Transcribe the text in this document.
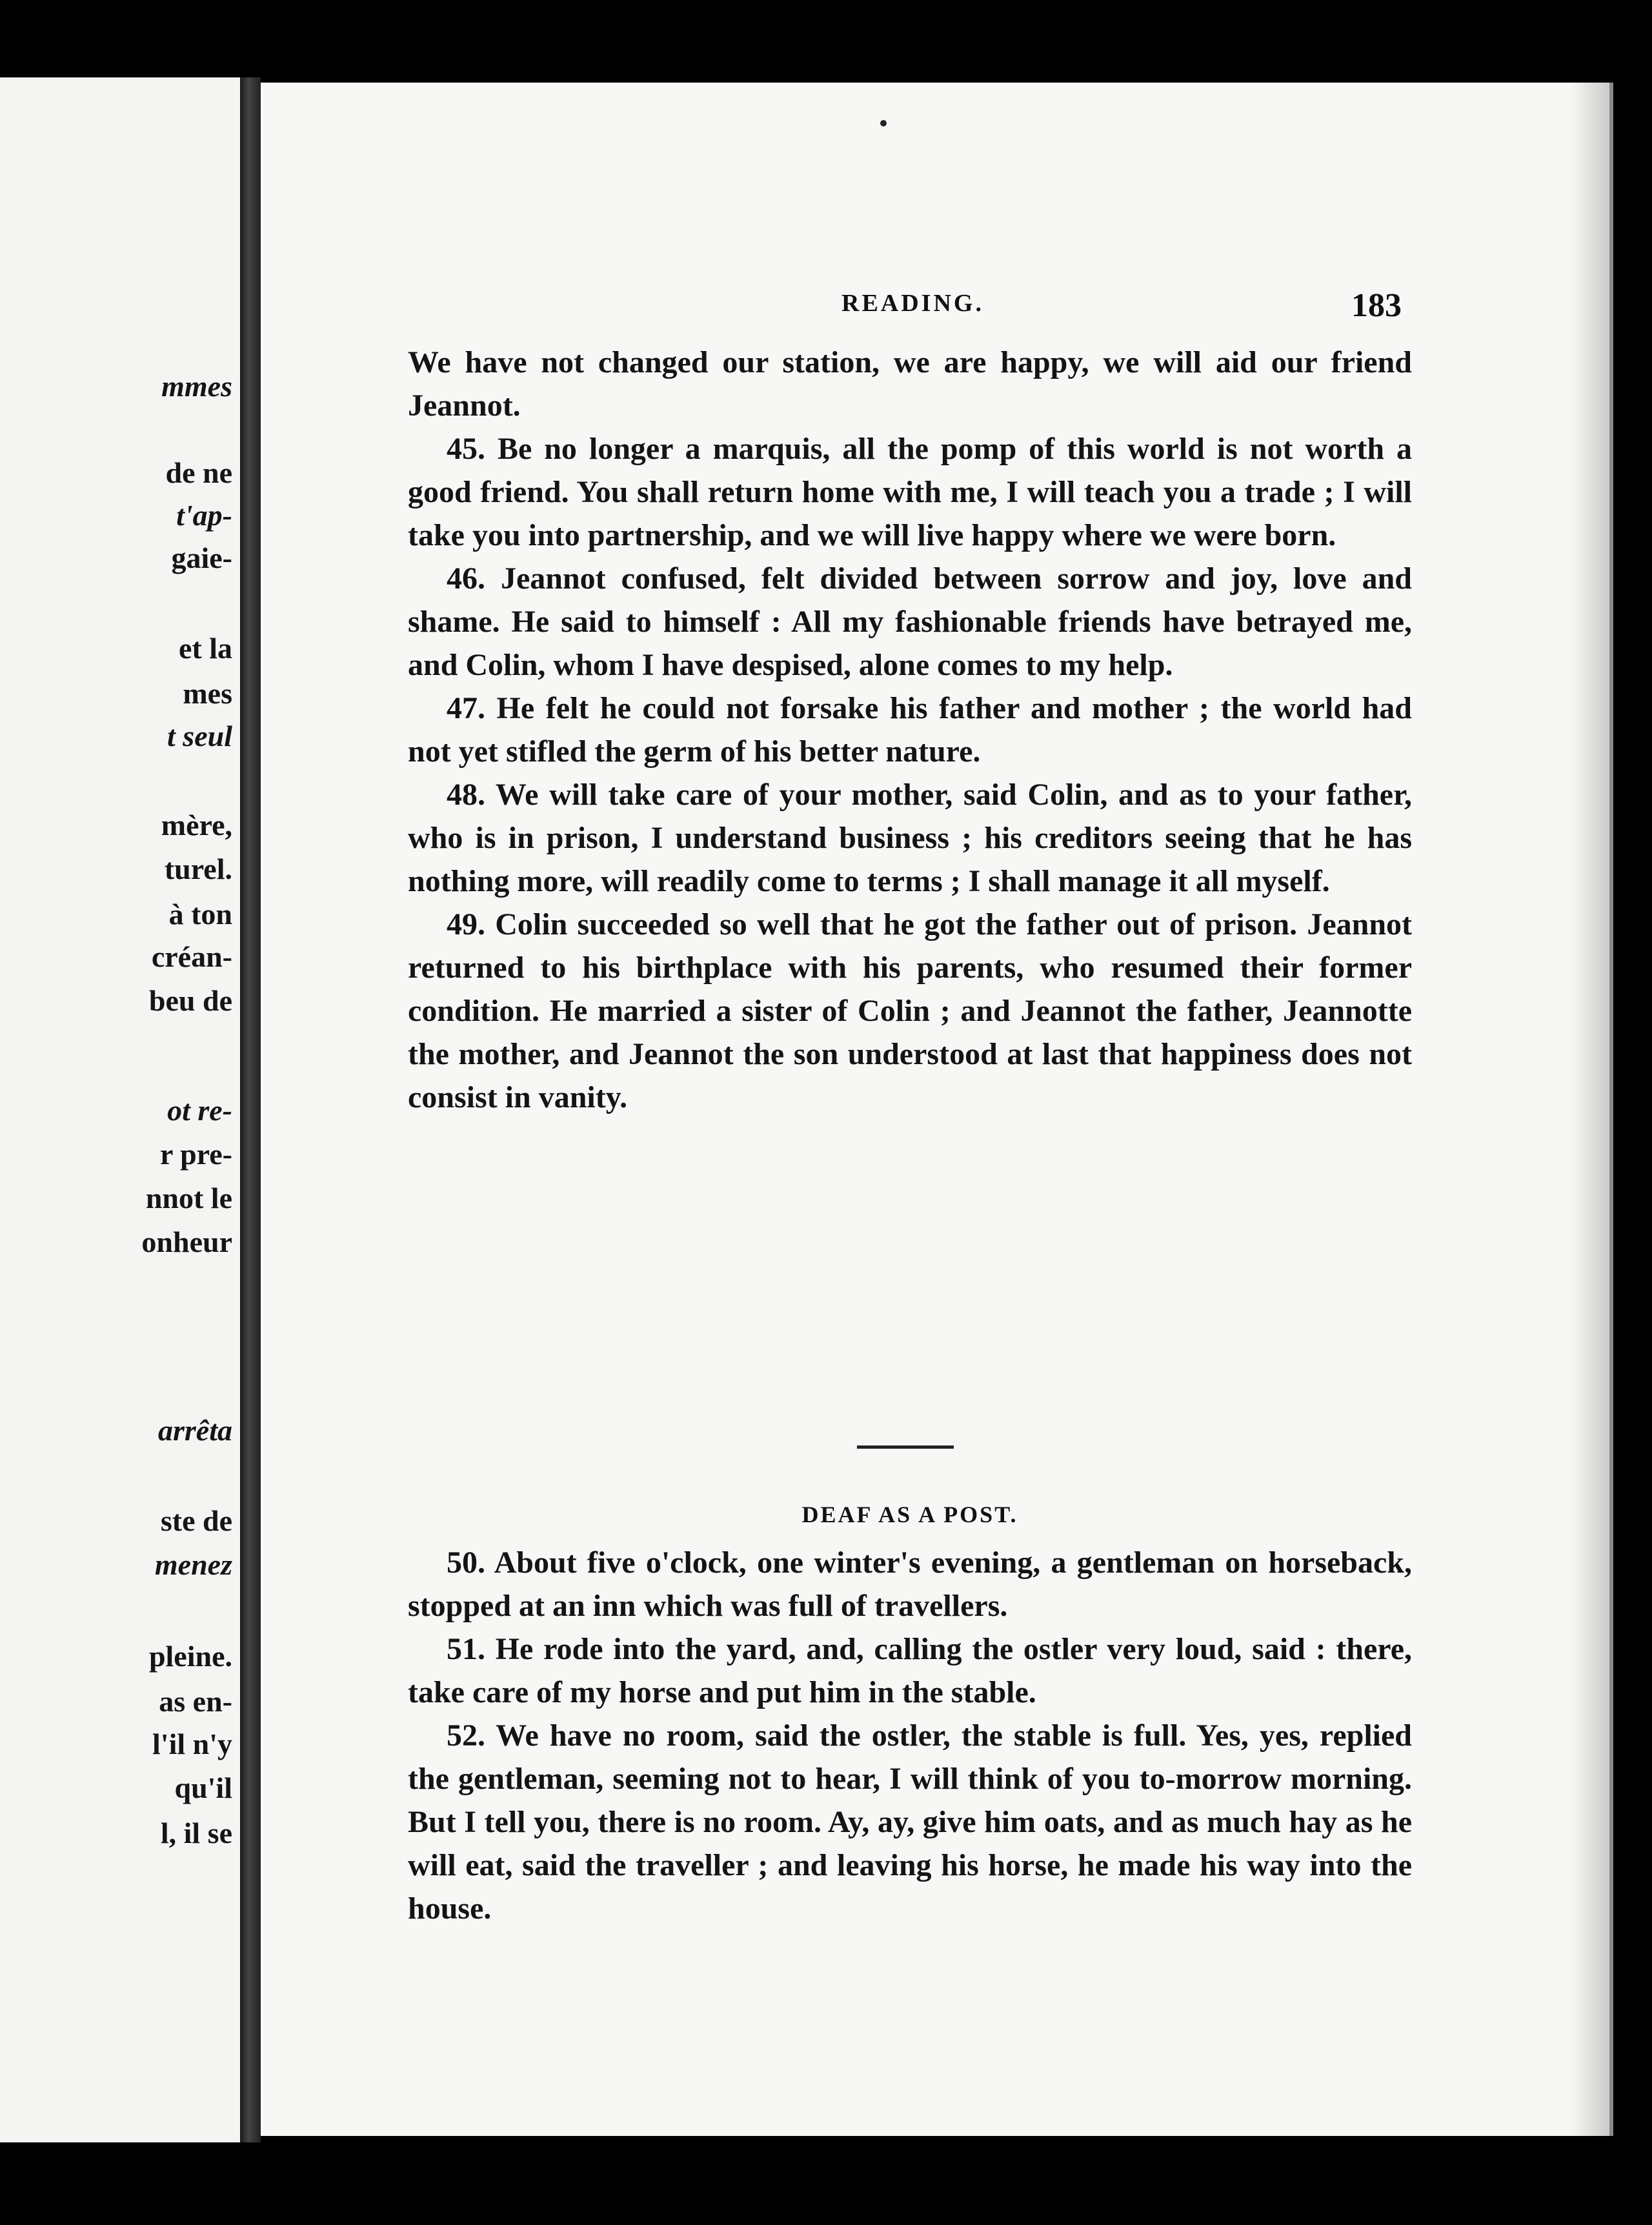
mmes
de ne
t'ap-
gaie-
et la
mes
t seul
mère,
turel.
à ton
créan-
beu de
ot re-
r pre-
nnot le
onheur
arrêta
ste de
menez
pleine.
as en-
l'il n'y
qu'il
l, il se
READING.	183

We have not changed our station, we are happy, we will aid our friend Jeannot.

45. Be no longer a marquis, all the pomp of this world is not worth a good friend. You shall return home with me, I will teach you a trade ; I will take you into partnership, and we will live happy where we were born.

46. Jeannot confused, felt divided between sorrow and joy, love and shame. He said to himself : All my fashionable friends have betrayed me, and Colin, whom I have despised, alone comes to my help.

47. He felt he could not forsake his father and mother ; the world had not yet stifled the germ of his better nature.

48. We will take care of your mother, said Colin, and as to your father, who is in prison, I understand business ; his creditors seeing that he has nothing more, will readily come to terms ; I shall manage it all myself.

49. Colin succeeded so well that he got the father out of prison. Jeannot returned to his birthplace with his parents, who resumed their former condition. He married a sister of Colin ; and Jeannot the father, Jeannotte the mother, and Jeannot the son understood at last that happiness does not consist in vanity.

DEAF AS A POST.

50. About five o'clock, one winter's evening, a gentleman on horseback, stopped at an inn which was full of travellers.

51. He rode into the yard, and, calling the ostler very loud, said : there, take care of my horse and put him in the stable.

52. We have no room, said the ostler, the stable is full. Yes, yes, replied the gentleman, seeming not to hear, I will think of you to-morrow morning. But I tell you, there is no room. Ay, ay, give him oats, and as much hay as he will eat, said the traveller ; and leaving his horse, he made his way into the house.
